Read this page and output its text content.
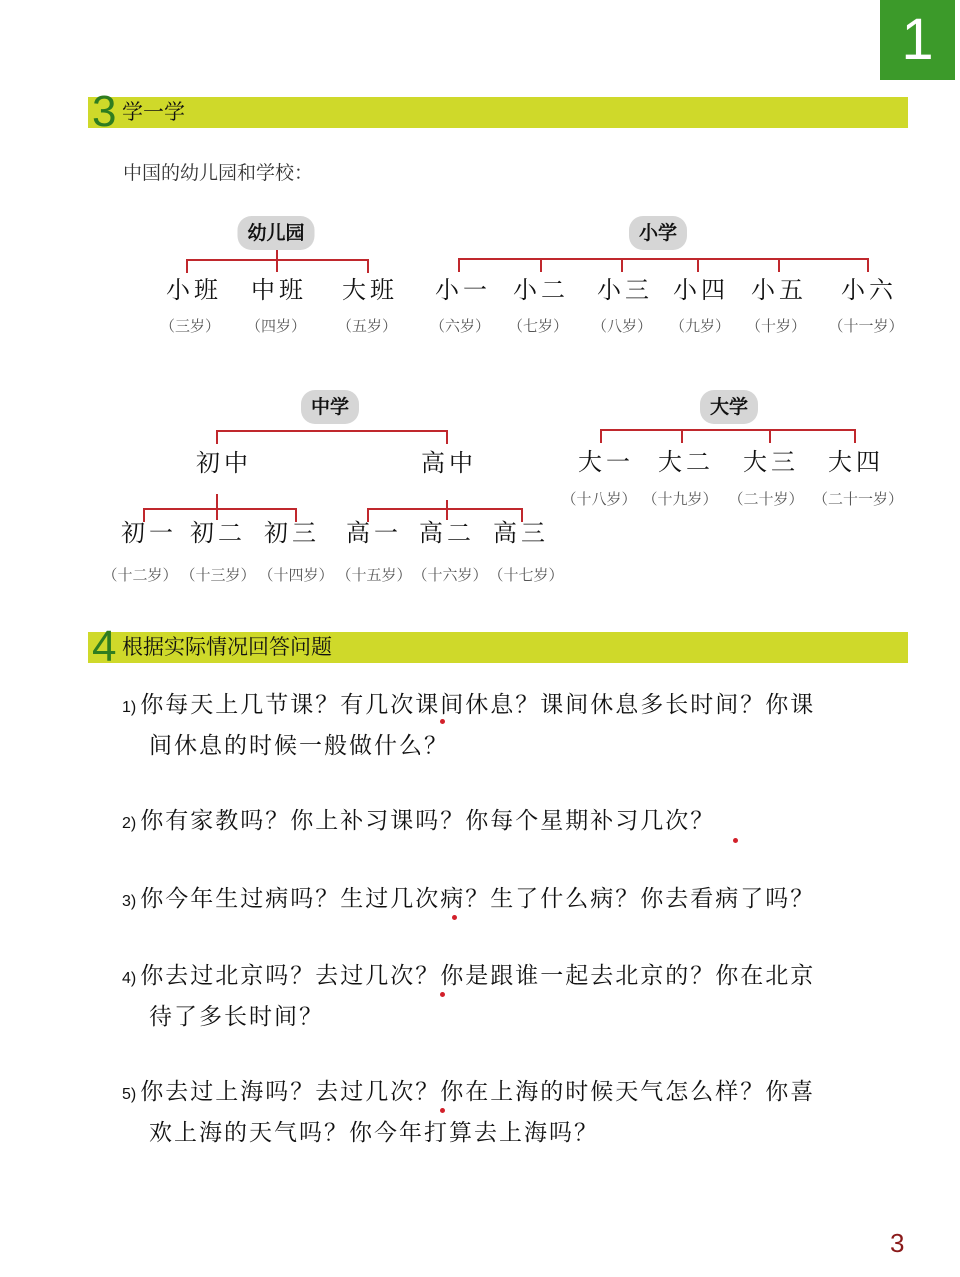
1
3 学一学
中国的幼儿园和学校：
幼儿园
小班 中班 大班
（三岁） （四岁） （五岁）
小学
小一 小二 小三 小四 小五 小六
（六岁） （七岁） （八岁） （九岁） （十岁） （十一岁）
中学
初中	高中
初一 初二 初三 高一 高二 高三
（十二岁） （十三岁） （十四岁） （十五岁） （十六岁） （十七岁）
大学
大一 大二 大三 大四
（十八岁） （十九岁） （二十岁） （二十一岁）
4 根据实际情况回答问题
1) 你每天上几节课？有几次课间休息？课间休息多长时间？你课
间休息的时候一般做什么？
2) 你有家教吗？你上补习课吗？你每个星期补习几次？
3) 你今年生过病吗？生过几次病？生了什么病？你去看病了吗？
4) 你去过北京吗？去过几次？你是跟谁一起去北京的？你在北京
待了多长时间？
5) 你去过上海吗？去过几次？你在上海的时候天气怎么样？你喜
欢上海的天气吗？你今年打算去上海吗？
3
